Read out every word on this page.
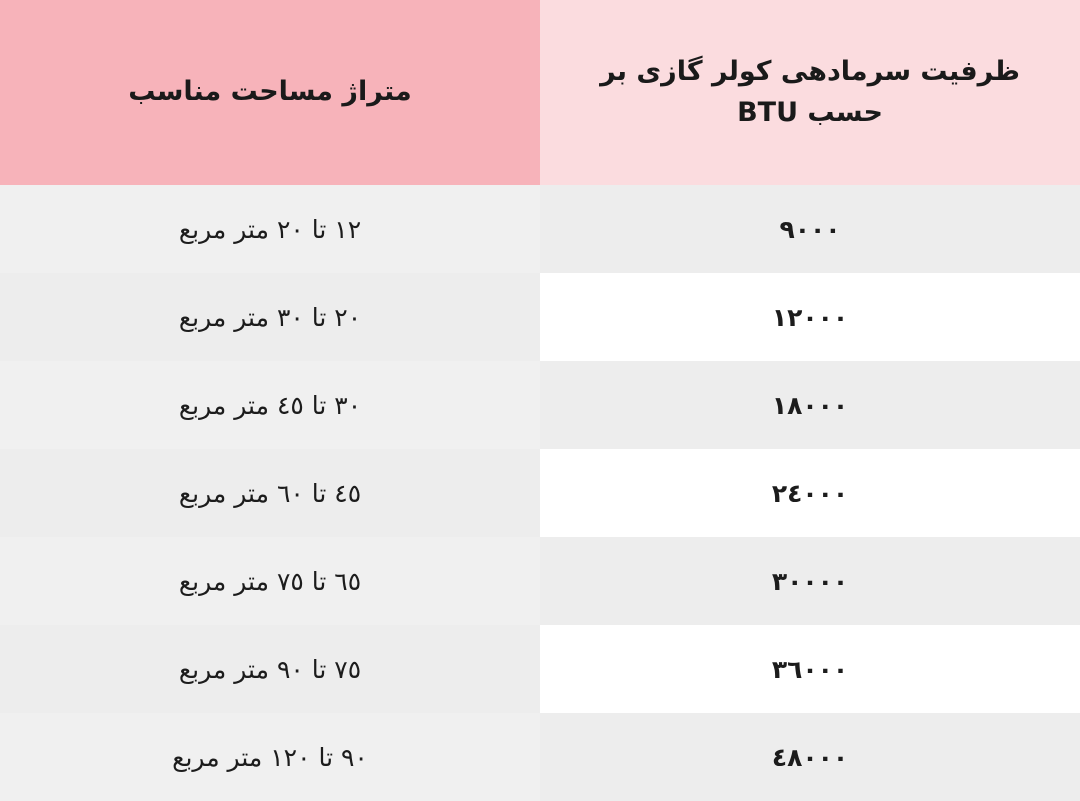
ظرفیت سرمادهی کولر گازی بر حسب BTU	متراژ مساحت مناسب
٩٠٠٠	١٢ تا ٢٠ متر مربع
١٢٠٠٠	٢٠ تا ٣٠ متر مربع
١٨٠٠٠	٣٠ تا ٤٥ متر مربع
٢٤٠٠٠	٤٥ تا ٦٠ متر مربع
٣٠٠٠٠	٦٥ تا ٧٥ متر مربع
٣٦٠٠٠	٧٥ تا ٩٠ متر مربع
٤٨٠٠٠	٩٠ تا ١٢٠ متر مربع
